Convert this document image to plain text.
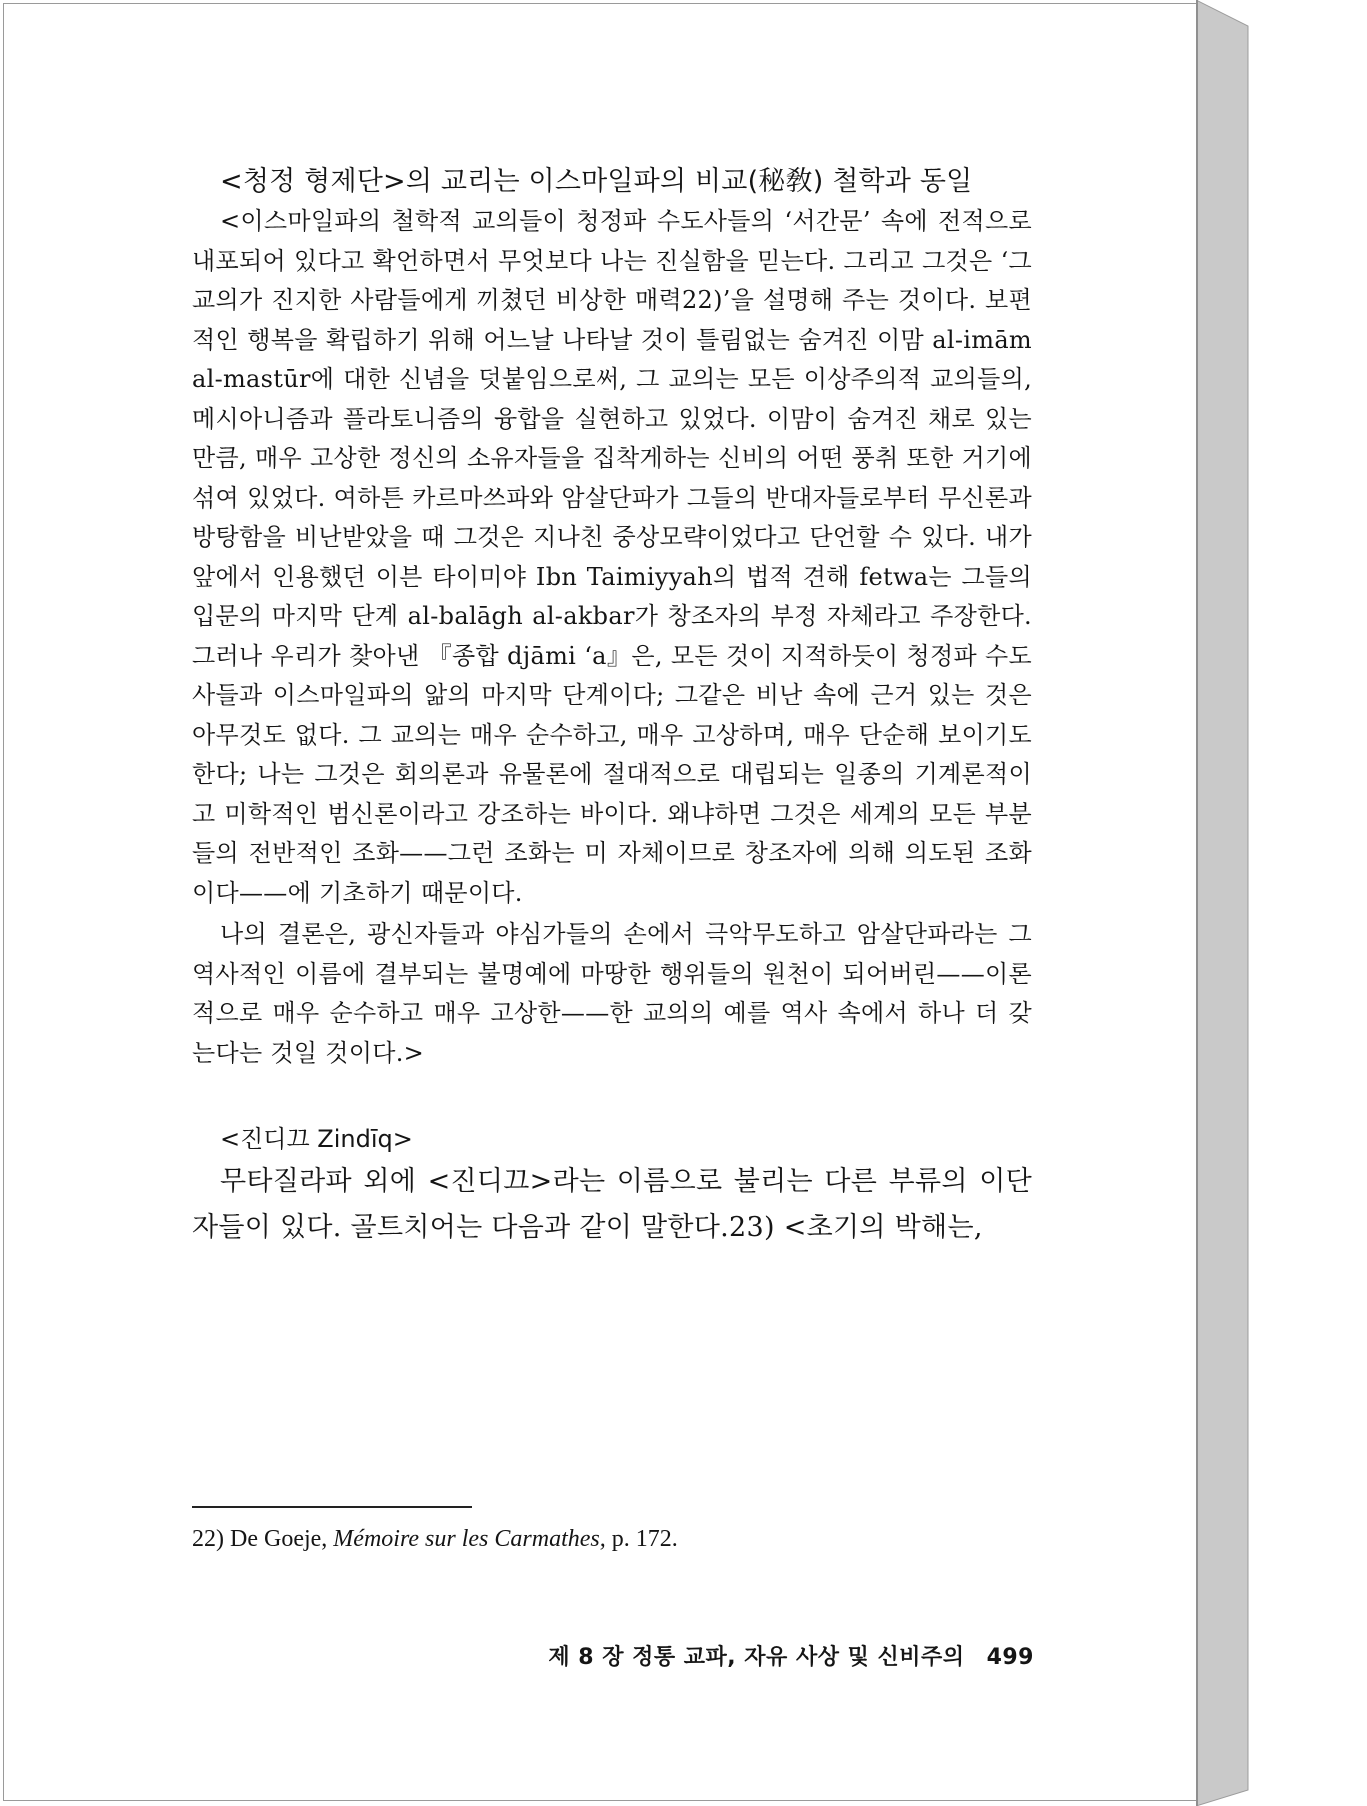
<청정 형제단>의 교리는 이스마일파의 비교(秘敎) 철학과 동일

<이스마일파의 철학적 교의들이 청정파 수도사들의 ‘서간문’ 속에 전적으로 내포되어 있다고 확언하면서 무엇보다 나는 진실함을 믿는다. 그리고 그것은 ‘그 교의가 진지한 사람들에게 끼쳤던 비상한 매력22)’을 설명해 주는 것이다. 보편적인 행복을 확립하기 위해 어느날 나타날 것이 틀림없는 숨겨진 이맘 al-imām al-mastūr에 대한 신념을 덧붙임으로써, 그 교의는 모든 이상주의적 교의들의, 메시아니즘과 플라토니즘의 융합을 실현하고 있었다. 이맘이 숨겨진 채로 있는 만큼, 매우 고상한 정신의 소유자들을 집착게하는 신비의 어떤 풍취 또한 거기에 섞여 있었다. 여하튼 카르마쓰파와 암살단파가 그들의 반대자들로부터 무신론과 방탕함을 비난받았을 때 그것은 지나친 중상모략이었다고 단언할 수 있다. 내가 앞에서 인용했던 이븐 타이미야 Ibn Taimiyyah의 법적 견해 fetwa는 그들의 입문의 마지막 단계 al-balāgh al-akbar가 창조자의 부정 자체라고 주장한다. 그러나 우리가 찾아낸 『종합 djāmi ‘a』은, 모든 것이 지적하듯이 청정파 수도사들과 이스마일파의 앎의 마지막 단계이다; 그같은 비난 속에 근거 있는 것은 아무것도 없다. 그 교의는 매우 순수하고, 매우 고상하며, 매우 단순해 보이기도 한다; 나는 그것은 회의론과 유물론에 절대적으로 대립되는 일종의 기계론적이고 미학적인 범신론이라고 강조하는 바이다. 왜냐하면 그것은 세계의 모든 부분들의 전반적인 조화——그런 조화는 미 자체이므로 창조자에 의해 의도된 조화이다——에 기초하기 때문이다.

나의 결론은, 광신자들과 야심가들의 손에서 극악무도하고 암살단파라는 그 역사적인 이름에 결부되는 불명예에 마땅한 행위들의 원천이 되어버린——이론적으로 매우 순수하고 매우 고상한——한 교의의 예를 역사 속에서 하나 더 갖는다는 것일 것이다.>

<진디끄 Zindīq>

무타질라파 외에 <진디끄>라는 이름으로 불리는 다른 부류의 이단자들이 있다. 골트치어는 다음과 같이 말한다.23) <초기의 박해는,

22) De Goeje, Mémoire sur les Carmathes, p. 172.
제 8 장 정통 교파, 자유 사상 및 신비주의 499
